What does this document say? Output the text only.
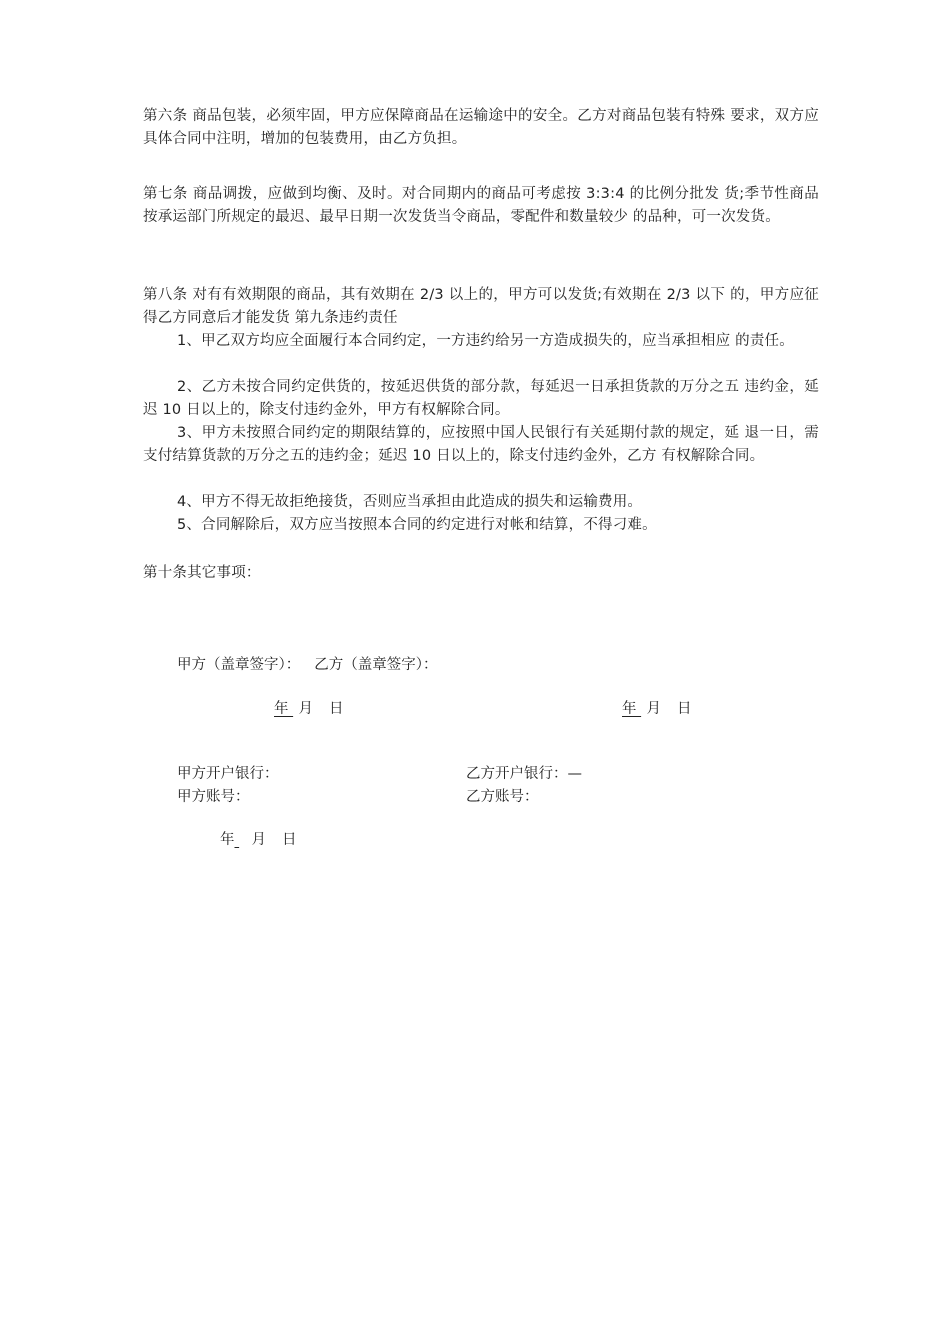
第六条 商品包装，必须牢固，甲方应保障商品在运输途中的安全。乙方对商品包装有特殊 要求，双方应具体合同中注明，增加的包装费用，由乙方负担。

第七条 商品调拨，应做到均衡、及时。对合同期内的商品可考虑按 3:3:4 的比例分批发 货;季节性商品按承运部门所规定的最迟、最早日期一次发货当令商品，零配件和数量较少 的品种，可一次发货。

第八条 对有有效期限的商品，其有效期在 2/3 以上的，甲方可以发货;有效期在 2/3 以下 的，甲方应征得乙方同意后才能发货 第九条违约责任

1、甲乙双方均应全面履行本合同约定，一方违约给另一方造成损失的，应当承担相应 的责任。

2、乙方未按合同约定供货的，按延迟供货的部分款，每延迟一日承担货款的万分之五 违约金，延迟 10 日以上的，除支付违约金外，甲方有权解除合同。

3、甲方未按照合同约定的期限结算的，应按照中国人民银行有关延期付款的规定，延 退一日，需支付结算货款的万分之五的违约金；延迟 10 日以上的，除支付违约金外，乙方 有权解除合同。

4、甲方不得无故拒绝接货，否则应当承担由此造成的损失和运输费用。

5、合同解除后，双方应当按照本合同的约定进行对帐和结算，不得刁难。

第十条其它事项：

甲方（盖章签字）： 乙方（盖章签字）：
年 月 日	年 月 日
甲方开户银行：	乙方开户银行：—
甲方账号：	乙方账号：
年 月 日
